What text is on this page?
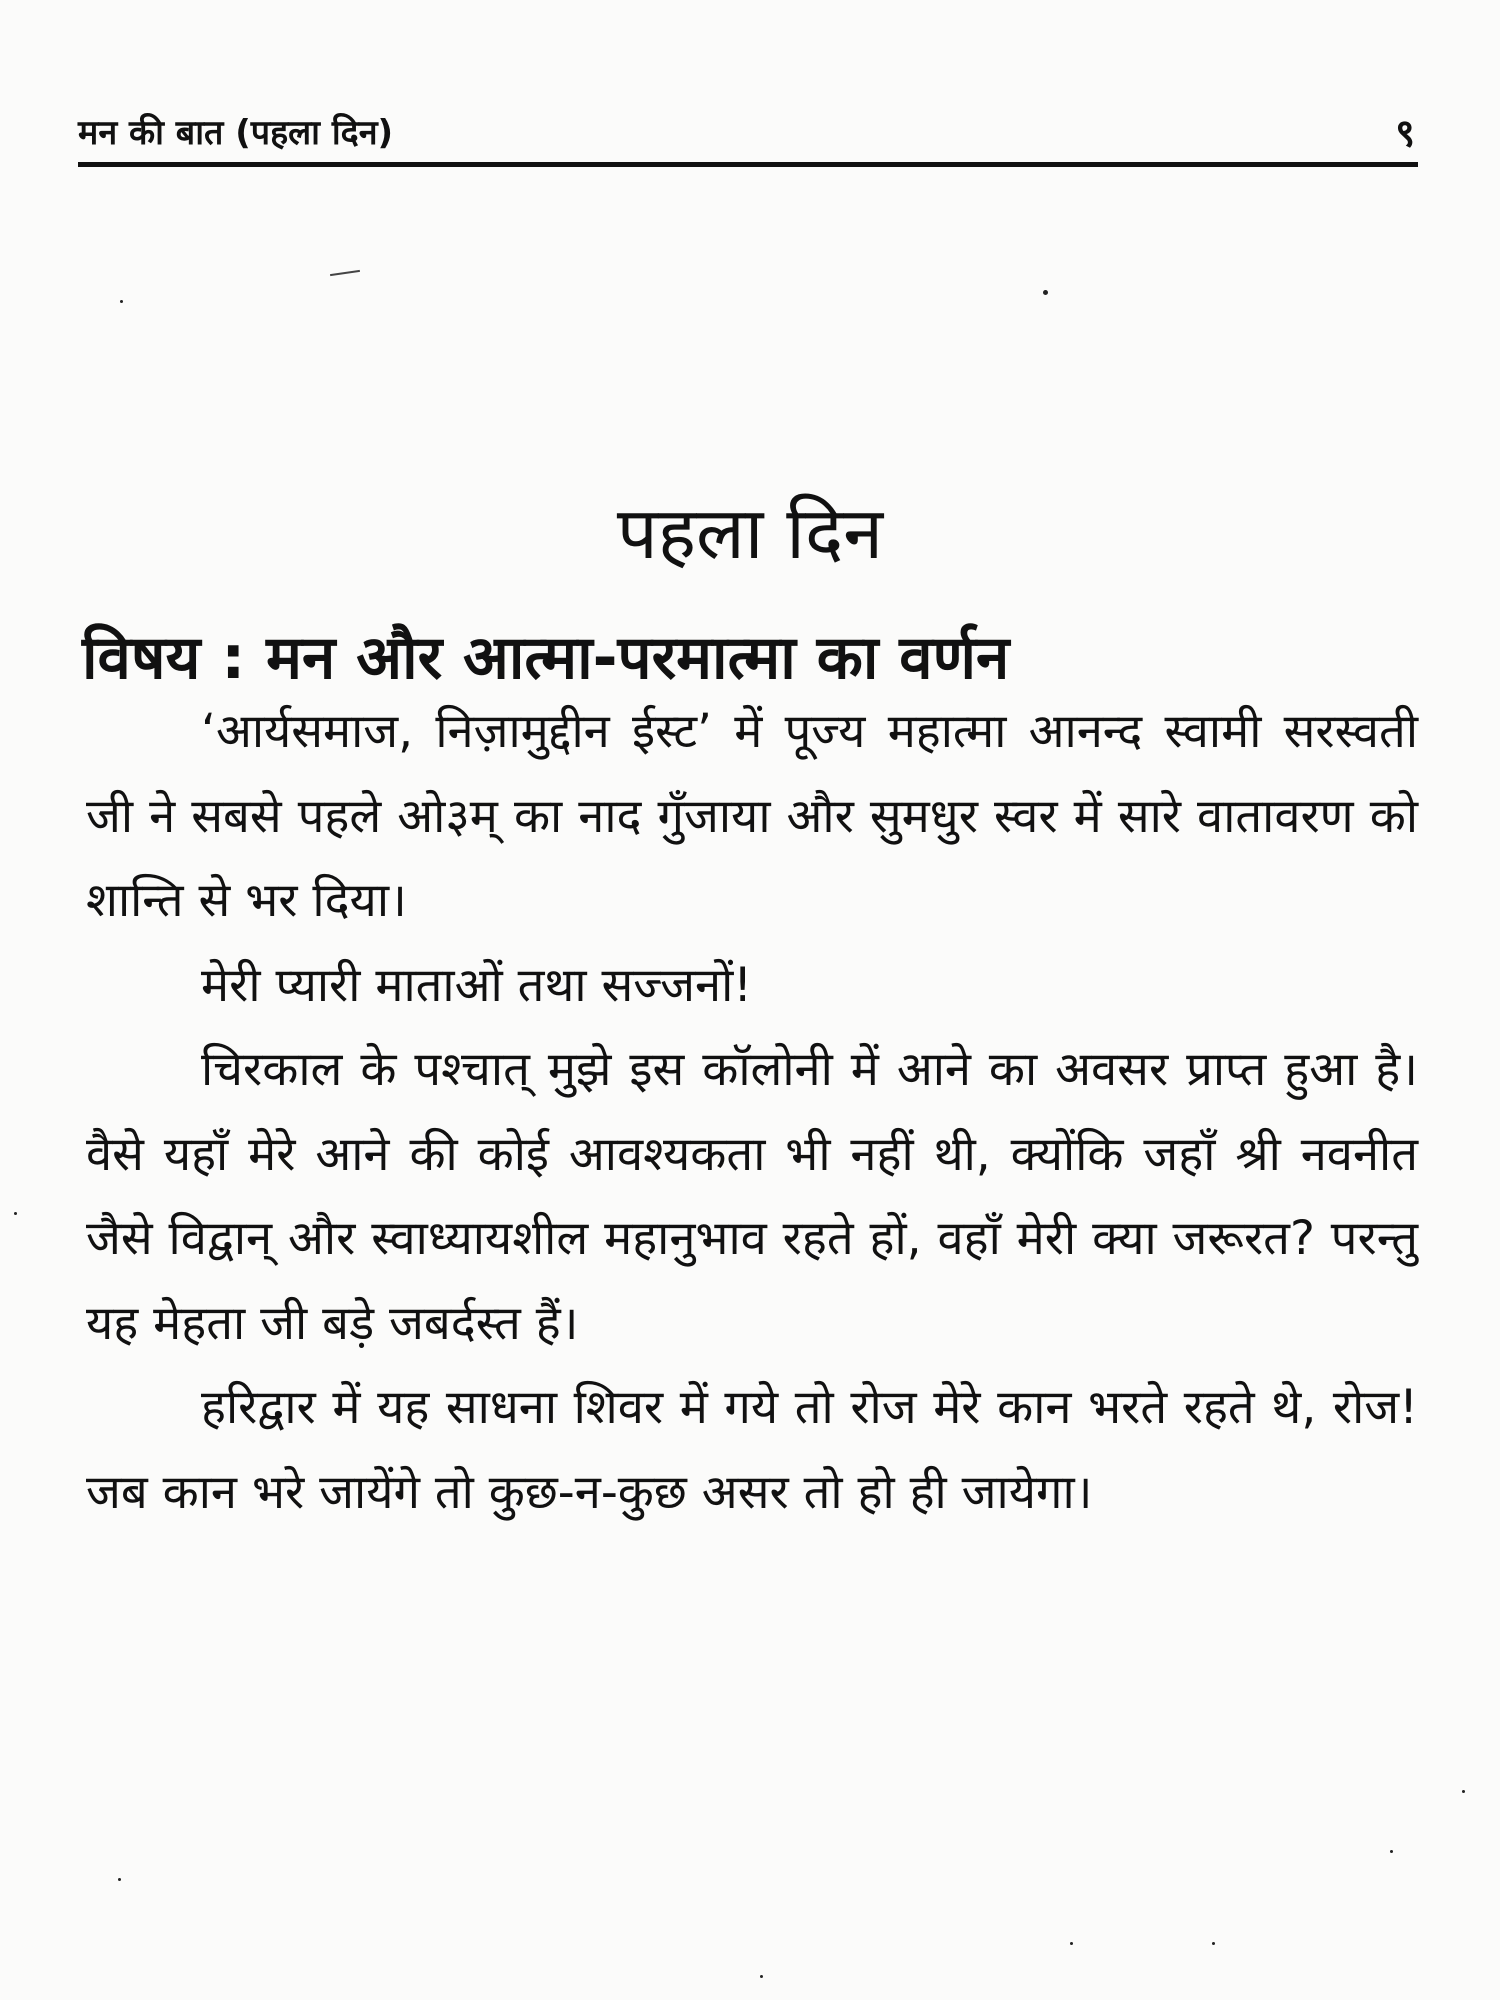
मन की बात (पहला दिन)	९
पहला दिन
विषय : मन और आत्मा-परमात्मा का वर्णन

‘आर्यसमाज, निज़ामुद्दीन ईस्ट’ में पूज्य महात्मा आनन्द स्वामी सरस्वती जी ने सबसे पहले ओ३म् का नाद गुँजाया और सुमधुर स्वर में सारे वातावरण को शान्ति से भर दिया।

मेरी प्यारी माताओं तथा सज्जनों!

चिरकाल के पश्चात् मुझे इस कॉलोनी में आने का अवसर प्राप्त हुआ है। वैसे यहाँ मेरे आने की कोई आवश्यकता भी नहीं थी, क्योंकि जहाँ श्री नवनीत जैसे विद्वान् और स्वाध्यायशील महानुभाव रहते हों, वहाँ मेरी क्या जरूरत? परन्तु यह मेहता जी बड़े जबर्दस्त हैं।

हरिद्वार में यह साधना शिवर में गये तो रोज मेरे कान भरते रहते थे, रोज! जब कान भरे जायेंगे तो कुछ-न-कुछ असर तो हो ही जायेगा।
